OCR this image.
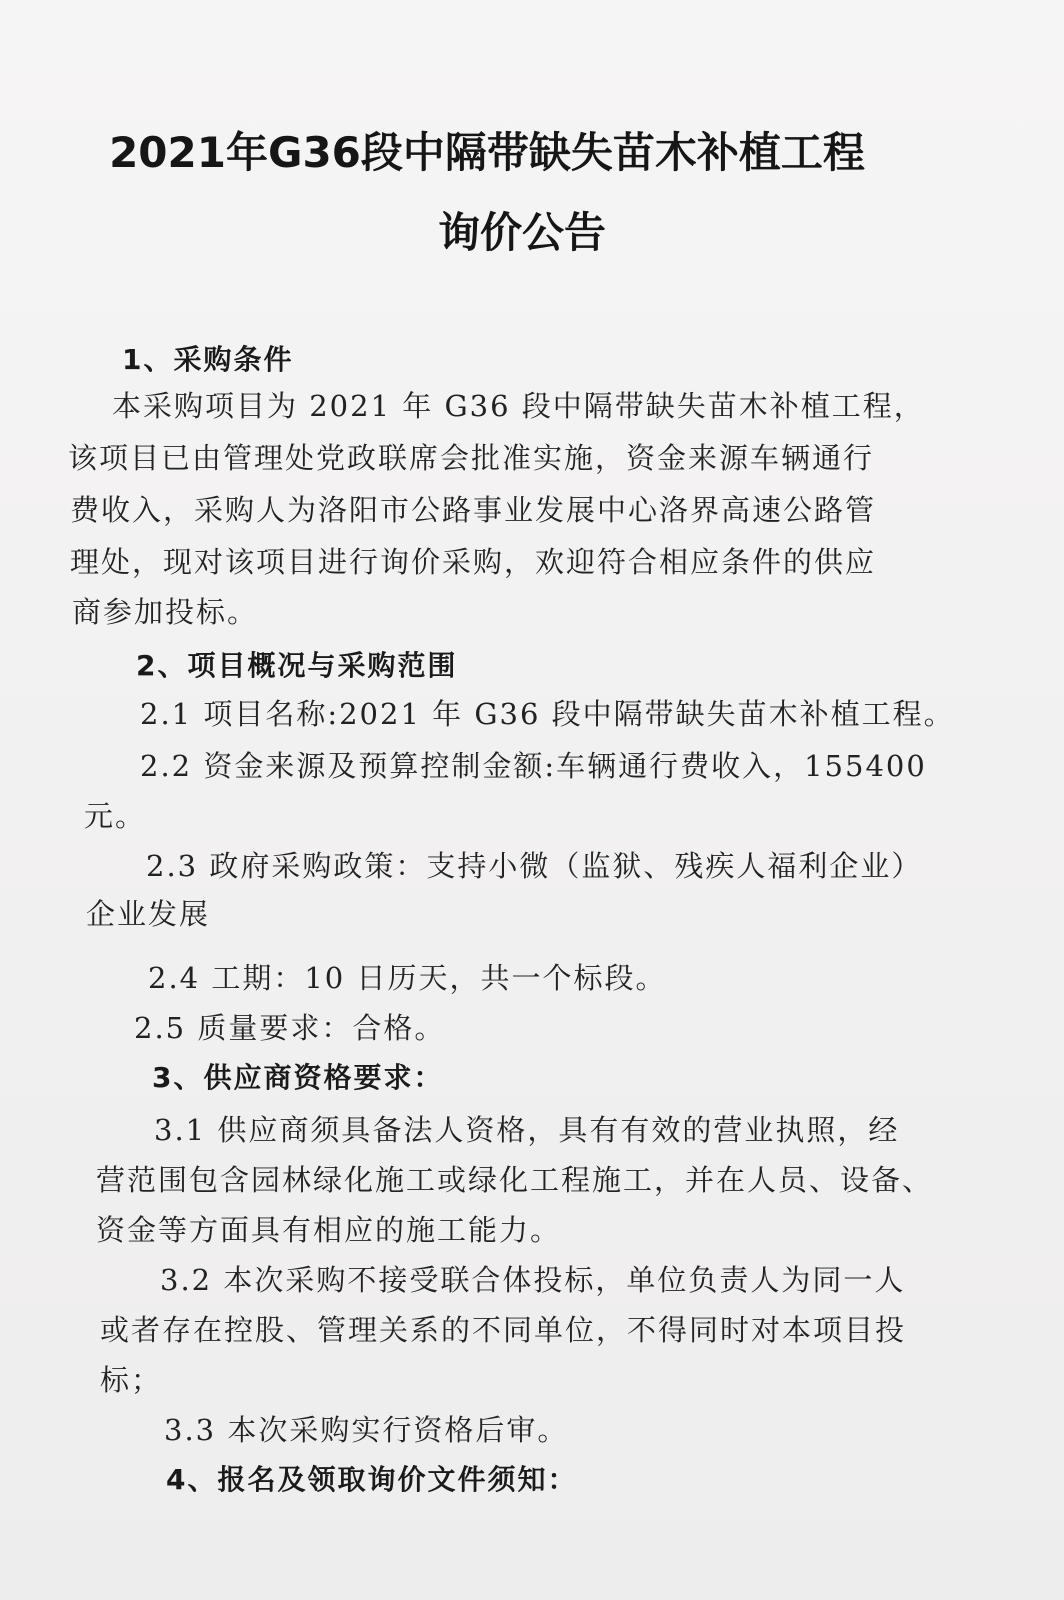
2021年G36段中隔带缺失苗木补植工程
询价公告
1、采购条件
本采购项目为 2021 年 G36 段中隔带缺失苗木补植工程，
该项目已由管理处党政联席会批准实施，资金来源车辆通行
费收入，采购人为洛阳市公路事业发展中心洛界高速公路管
理处，现对该项目进行询价采购，欢迎符合相应条件的供应
商参加投标。
2、项目概况与采购范围
2.1 项目名称:2021 年 G36 段中隔带缺失苗木补植工程。
2.2 资金来源及预算控制金额:车辆通行费收入，155400
元。
2.3 政府采购政策：支持小微（监狱、残疾人福利企业）
企业发展
2.4 工期：10 日历天，共一个标段。
2.5 质量要求：合格。
3、供应商资格要求：
3.1 供应商须具备法人资格，具有有效的营业执照，经
营范围包含园林绿化施工或绿化工程施工，并在人员、设备、
资金等方面具有相应的施工能力。
3.2 本次采购不接受联合体投标，单位负责人为同一人
或者存在控股、管理关系的不同单位，不得同时对本项目投
标；
3.3 本次采购实行资格后审。
4、报名及领取询价文件须知：
